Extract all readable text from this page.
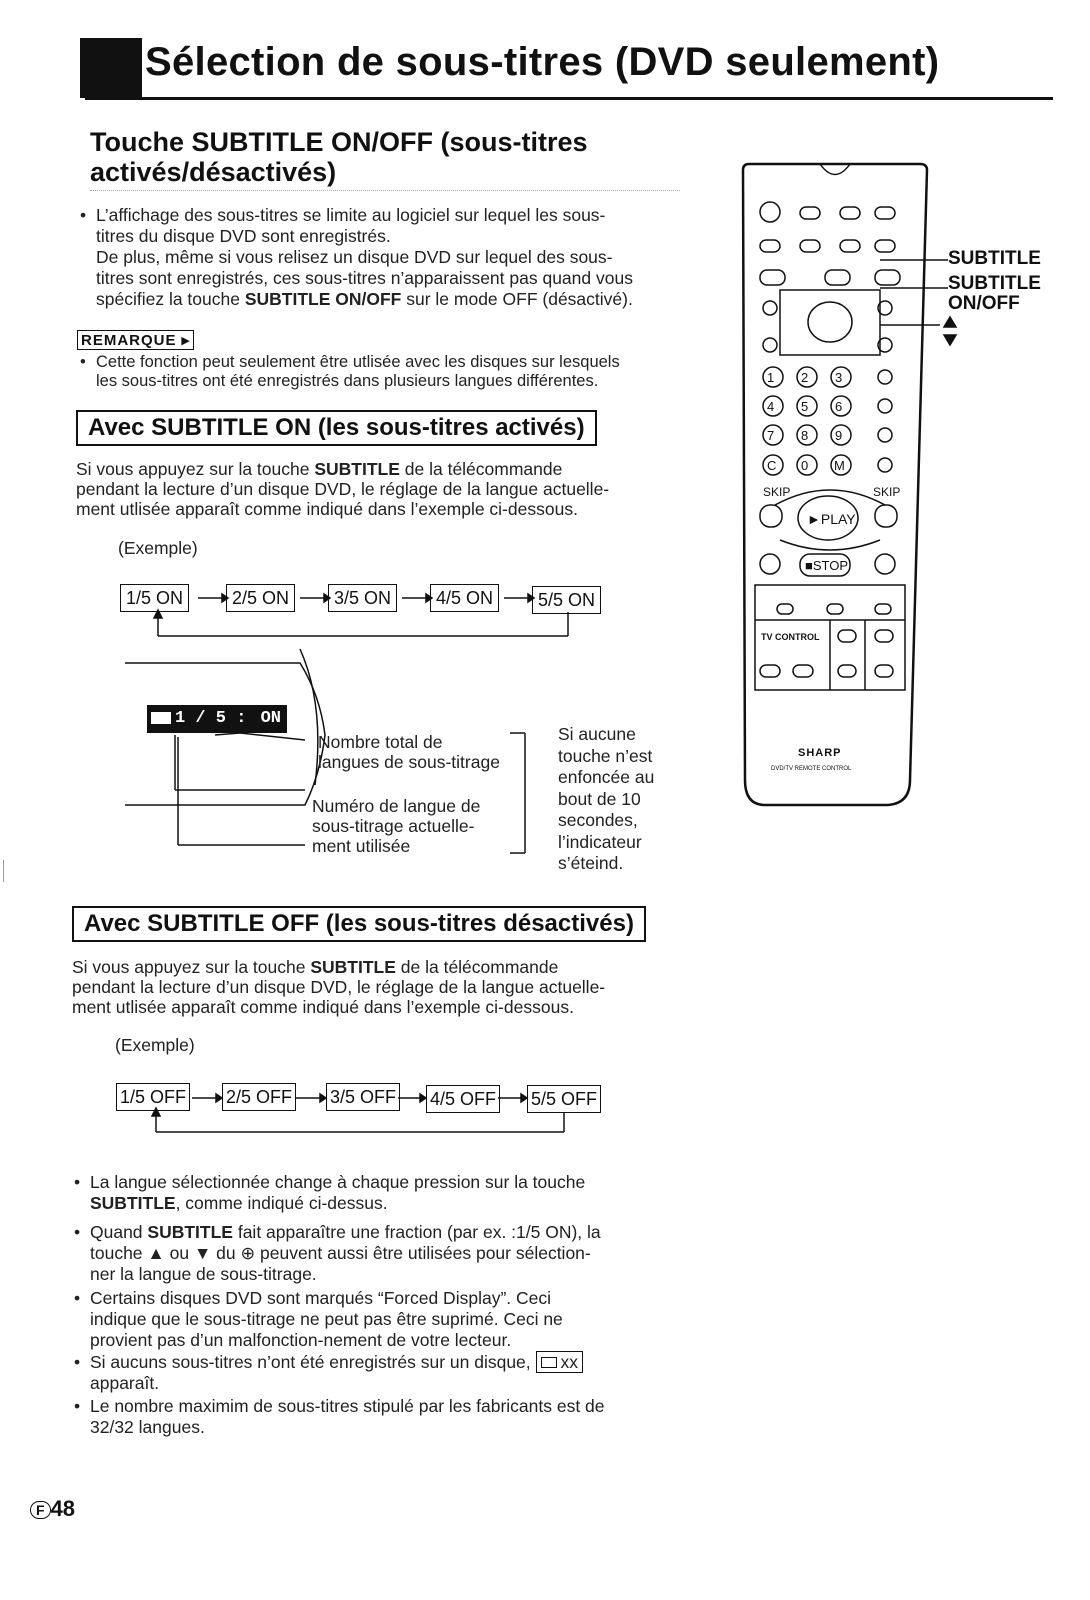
Sélection de sous-titres (DVD seulement)
Touche SUBTITLE ON/OFF (sous-titres
activés/désactivés)
• L’affichage des sous-titres se limite au logiciel sur lequel les sous-
titres du disque DVD sont enregistrés.
De plus, même si vous relisez un disque DVD sur lequel des sous-
titres sont enregistrés, ces sous-titres n’apparaissent pas quand vous
spécifiez la touche SUBTITLE ON/OFF sur le mode OFF (désactivé).
REMARQUE ▸
• Cette fonction peut seulement être utlisée avec les disques sur lesquels
les sous-titres ont été enregistrés dans plusieurs langues différentes.
Avec SUBTITLE ON (les sous-titres activés)
Si vous appuyez sur la touche SUBTITLE de la télécommande
pendant la lecture d’un disque DVD, le réglage de la langue actuelle-
ment utlisée apparaît comme indiqué dans l’exemple ci-dessous.
(Exemple)
1/5 ON	2/5 ON	3/5 ON	4/5 ON	5/5 ON
1 / 5 : ON
Nombre total de
langues de sous-titrage
Numéro de langue de
sous-titrage actuelle-
ment utilisée
Si aucune
touche n’est
enfoncée au
bout de 10
secondes,
l’indicateur
s’éteind.
Avec SUBTITLE OFF (les sous-titres désactivés)
Si vous appuyez sur la touche SUBTITLE de la télécommande
pendant la lecture d’un disque DVD, le réglage de la langue actuelle-
ment utlisée apparaît comme indiqué dans l’exemple ci-dessous.
(Exemple)
1/5 OFF 2/5 OFF 3/5 OFF 4/5 OFF 5/5 OFF
• La langue sélectionnée change à chaque pression sur la touche
SUBTITLE, comme indiqué ci-dessus.
• Quand SUBTITLE fait apparaître une fraction (par ex. :1/5 ON), la
touche ▲ ou ▼ du ⊕ peuvent aussi être utilisées pour sélection-
ner la langue de sous-titrage.
• Certains disques DVD sont marqués “Forced Display”. Ceci
indique que le sous-titrage ne peut pas être suprimé. Ceci ne
provient pas d’un malfonction-nement de votre lecteur.
• Si aucuns sous-titres n’ont été enregistrés sur un disque, xx
apparaît.
• Le nombre maximim de sous-titres stipulé par les fabricants est de
32/32 langues.
F 48
1 2 3
4 5 6
7 8 9
C 0 M
SKIP	SKIP
►PLAY
■STOP
TV CONTROL
SHARP
DVD/TV REMOTE CONTROL
SUBTITLE
SUBTITLE
ON/OFF
